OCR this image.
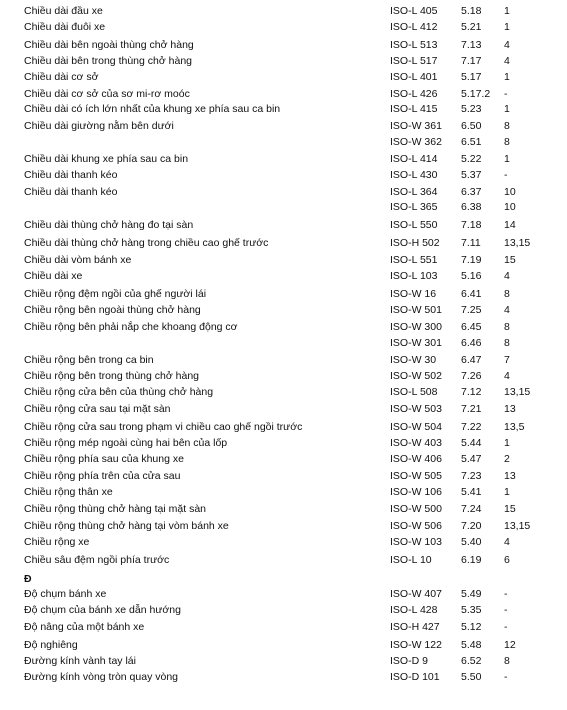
Đ
Chiều dài đầu xe	ISO-L 405 5.18 1
Chiều dài đuôi xe	ISO-L 412 5.21 1
Chiều dài bên ngoài thùng chở hàng	ISO-L 513 7.13 4
Chiều dài bên trong thùng chở hàng	ISO-L 517 7.17 4
Chiều dài cơ sở	ISO-L 401 5.17 1
Chiều dài cơ sở của sơ mi-rơ moóc	ISO-L 426 5.17.2 -
Chiều dài có ích lớn nhất của khung xe phía sau ca bin	ISO-L 415 5.23 1
Chiều dài giường nằm bên dưới	ISO-W 361 6.50 8
ISO-W 362 6.51 8
Chiều dài khung xe phía sau ca bin	ISO-L 414 5.22 1
Chiều dài thanh kéo	ISO-L 430 5.37 -
Chiều dài thanh kéo	ISO-L 364 6.37 10
ISO-L 365 6.38 10
Chiều dài thùng chở hàng đo tại sàn	ISO-L 550 7.18 14
Chiều dài thùng chở hàng trong chiều cao ghế trước	ISO-H 502 7.11 13,15
Chiều dài vòm bánh xe	ISO-L 551 7.19 15
Chiều dài xe	ISO-L 103 5.16 4
Chiều rộng đệm ngồi của ghế người lái	ISO-W 16 6.41 8
Chiều rộng bên ngoài thùng chở hàng	ISO-W 501 7.25 4
Chiều rộng bên phải nắp che khoang động cơ	ISO-W 300 6.45 8
ISO-W 301 6.46 8
Chiều rộng bên trong ca bin	ISO-W 30 6.47 7
Chiều rộng bên trong thùng chở hàng	ISO-W 502 7.26 4
Chiều rộng cửa bên của thùng chở hàng	ISO-L 508 7.12 13,15
Chiều rộng cửa sau tại mặt sàn	ISO-W 503 7.21 13
Chiều rộng cửa sau trong phạm vi chiều cao ghế ngồi trước	ISO-W 504 7.22 13,5
Chiều rộng mép ngoài cùng hai bên của lốp	ISO-W 403 5.44 1
Chiều rộng phía sau của khung xe	ISO-W 406 5.47 2
Chiều rộng phía trên của cửa sau	ISO-W 505 7.23 13
Chiều rộng thân xe	ISO-W 106 5.41 1
Chiều rộng thùng chở hàng tại mặt sàn	ISO-W 500 7.24 15
Chiều rộng thùng chở hàng tại vòm bánh xe	ISO-W 506 7.20 13,15
Chiều rộng xe	ISO-W 103 5.40 4
Chiều sâu đệm ngồi phía trước	ISO-L 10	6.19 6
Độ chụm bánh xe	ISO-W 407 5.49 -
Độ chụm của bánh xe dẫn hướng	ISO-L 428 5.35 -
Độ nâng của một bánh xe	ISO-H 427 5.12 -
Độ nghiêng	ISO-W 122 5.48 12
Đường kính vành tay lái	ISO-D 9	6.52 8
Đường kính vòng tròn quay vòng	ISO-D 101 5.50 -
